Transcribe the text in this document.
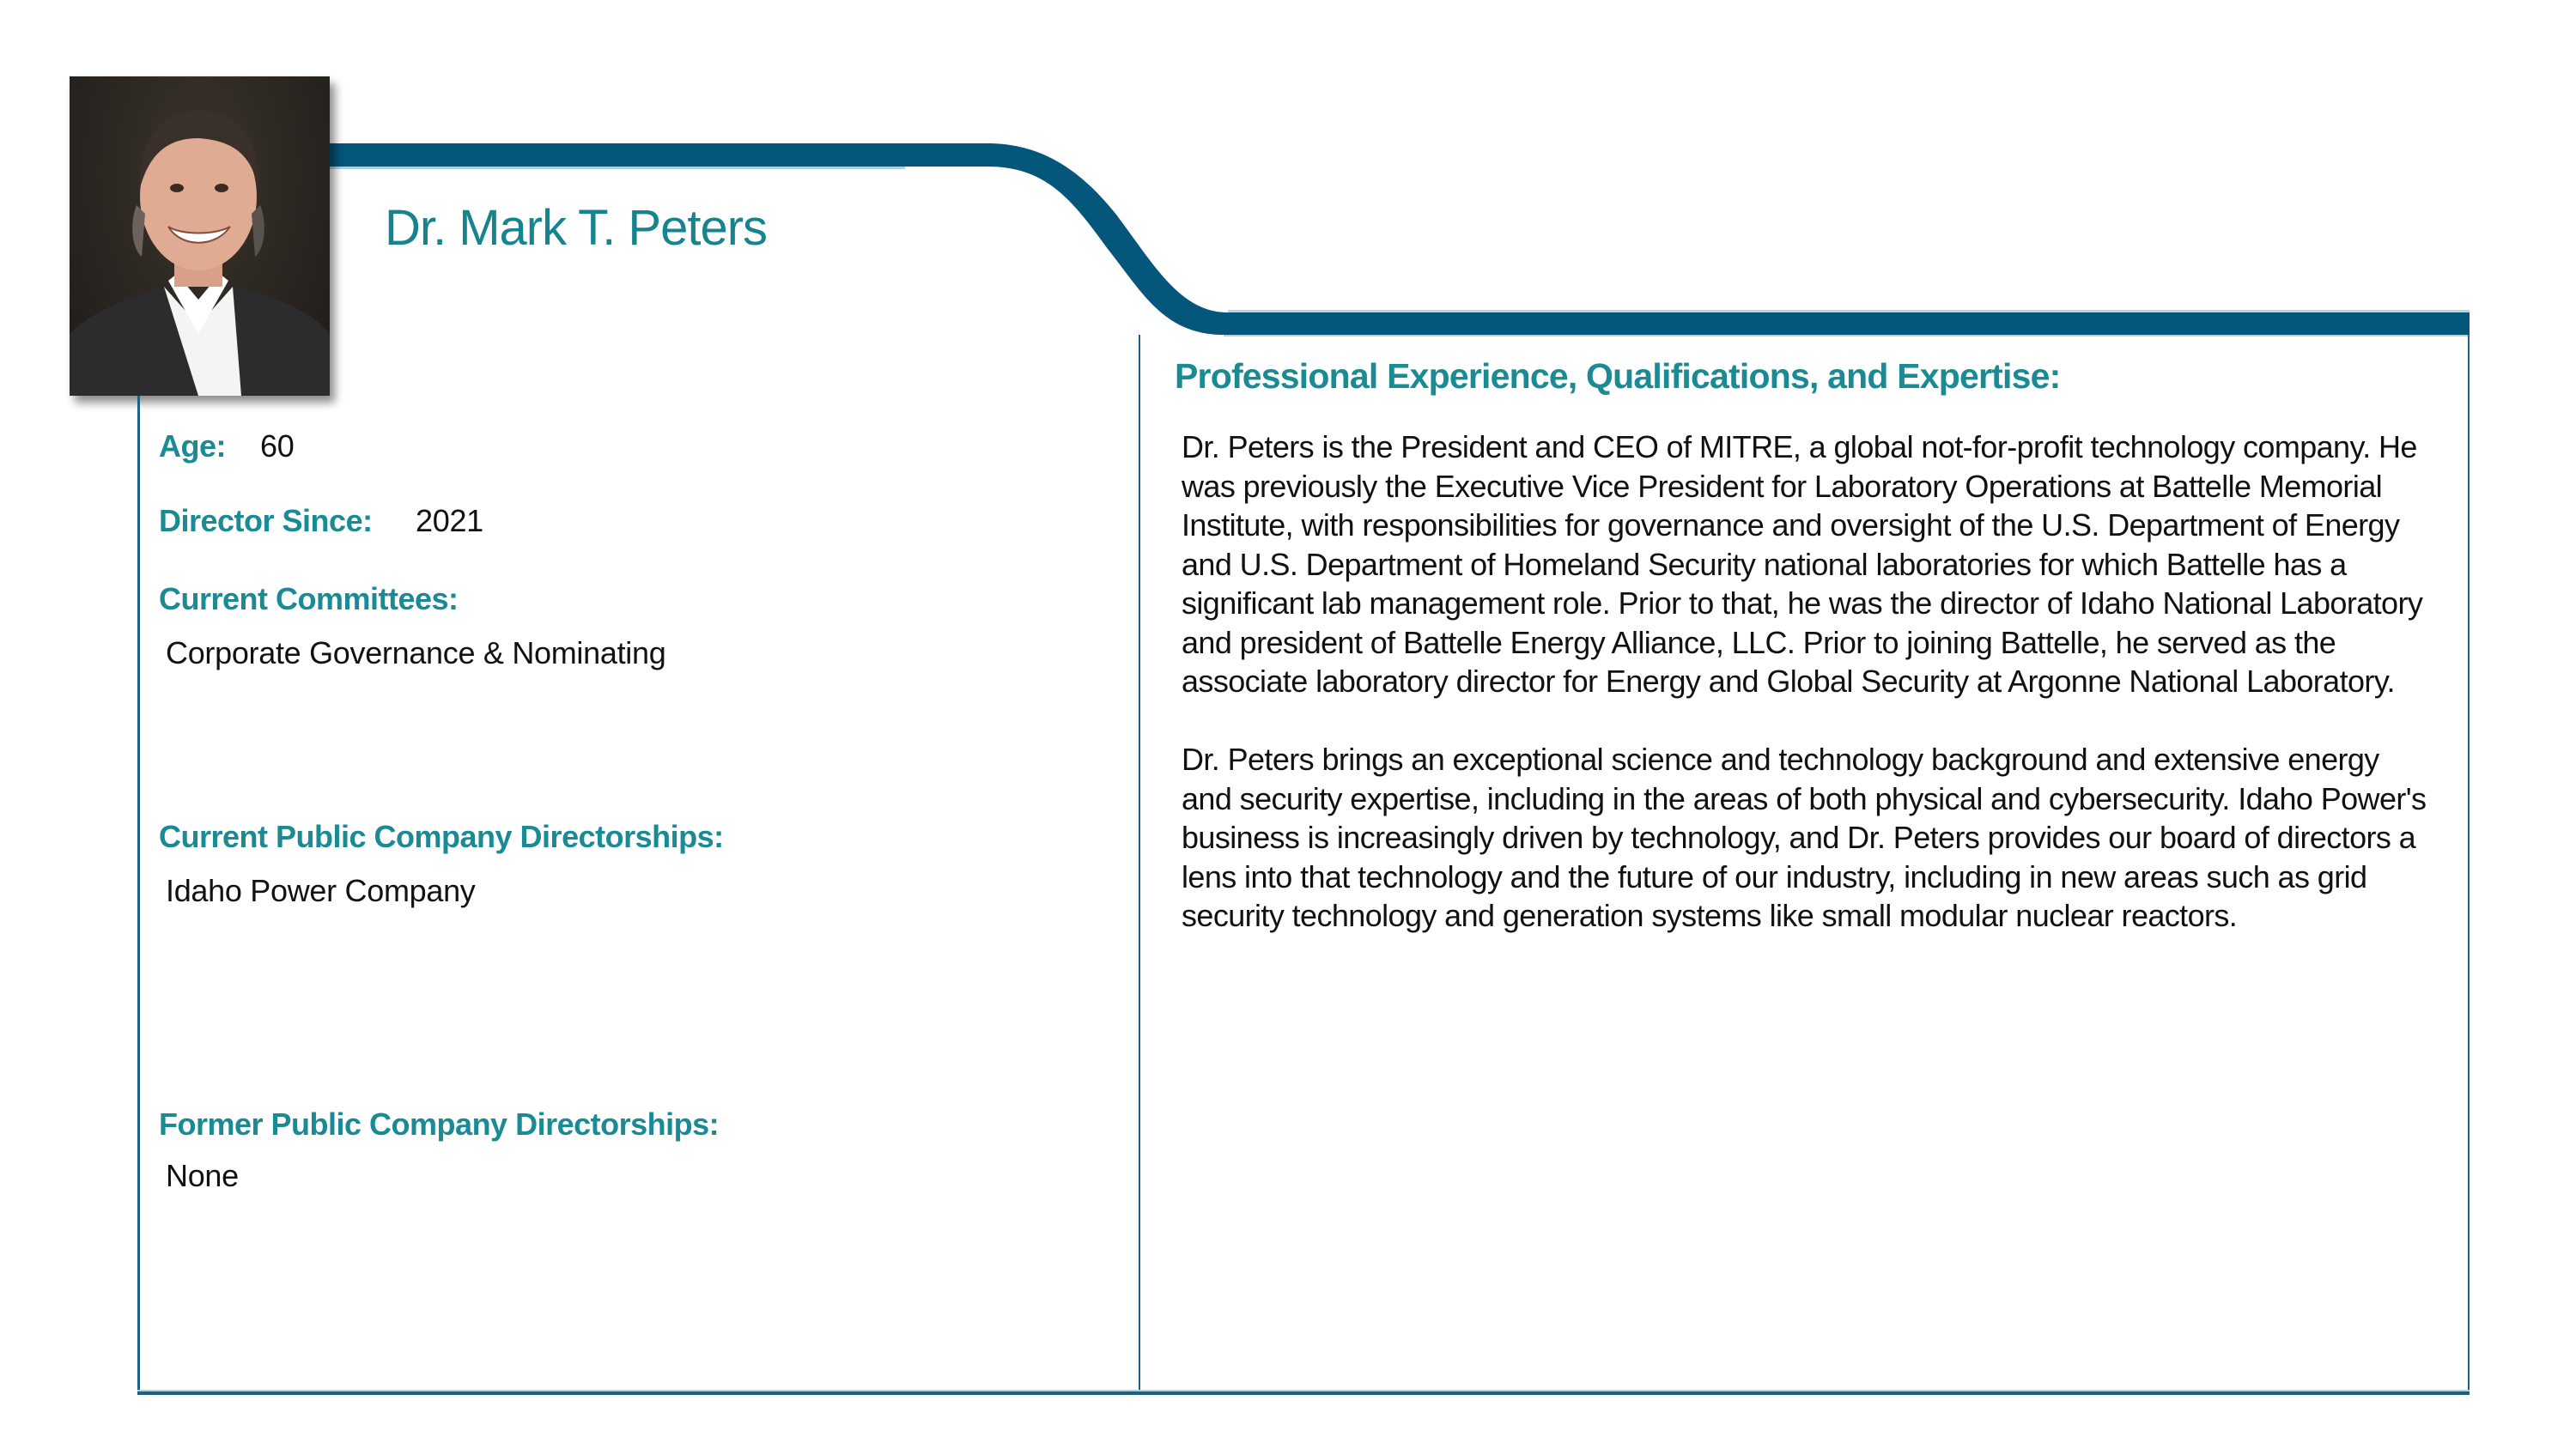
Dr. Mark T. Peters
Age: 60
Director Since: 2021
Current Committees:
Corporate Governance & Nominating
Current Public Company Directorships:
Idaho Power Company
Former Public Company Directorships:
None
Professional Experience, Qualifications, and Expertise:

Dr. Peters is the President and CEO of MITRE, a global not-for-profit technology company. He was previously the Executive Vice President for Laboratory Operations at Battelle Memorial Institute, with responsibilities for governance and oversight of the U.S. Department of Energy and U.S. Department of Homeland Security national laboratories for which Battelle has a significant lab management role. Prior to that, he was the director of Idaho National Laboratory and president of Battelle Energy Alliance, LLC. Prior to joining Battelle, he served as the associate laboratory director for Energy and Global Security at Argonne National Laboratory.

Dr. Peters brings an exceptional science and technology background and extensive energy and security expertise, including in the areas of both physical and cybersecurity. Idaho Power's business is increasingly driven by technology, and Dr. Peters provides our board of directors a lens into that technology and the future of our industry, including in new areas such as grid security technology and generation systems like small modular nuclear reactors.
